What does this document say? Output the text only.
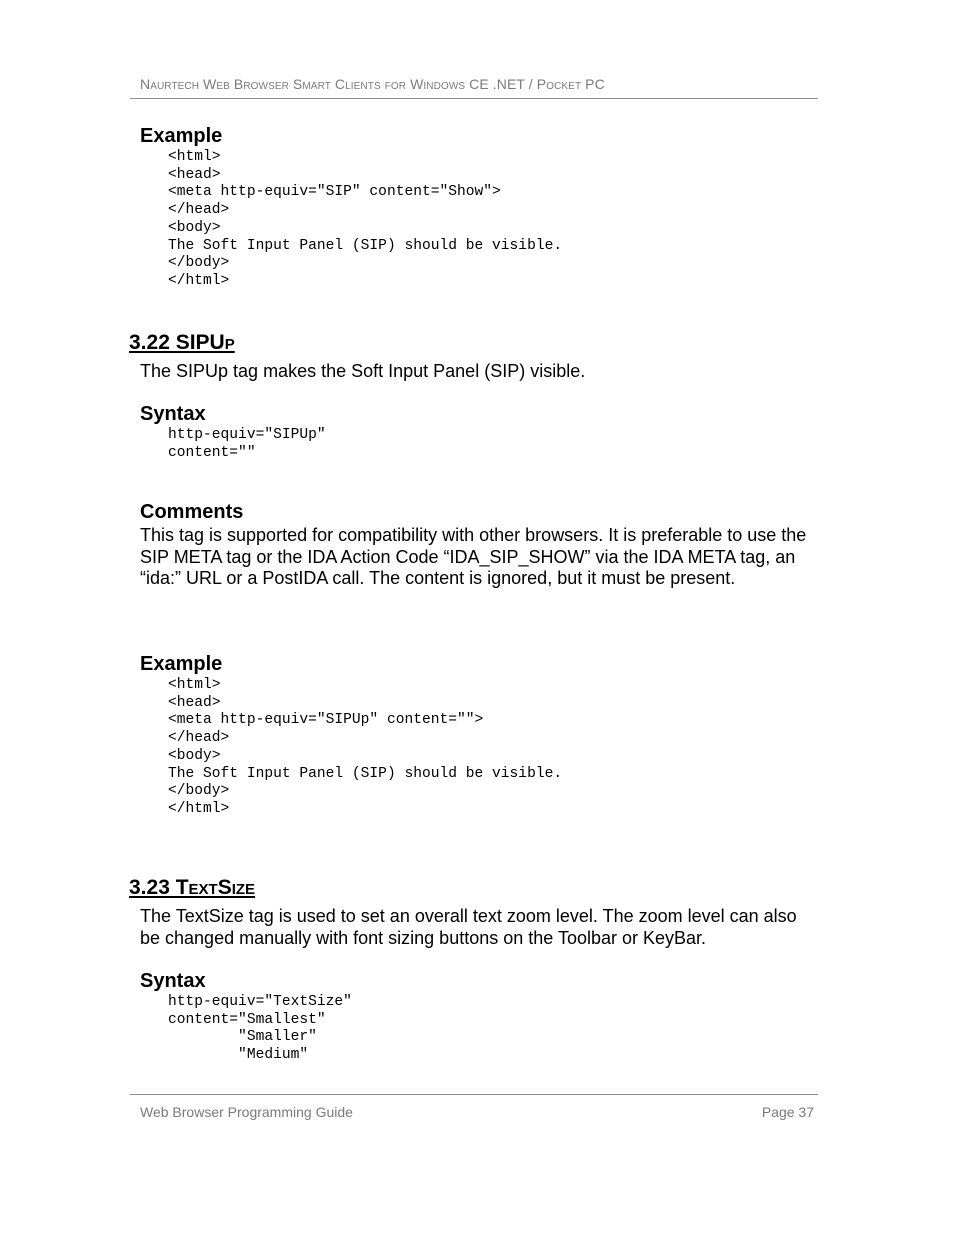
Naurtech Web Browser Smart Clients for Windows CE .NET / Pocket PC
Example
<html>
<head>
<meta http-equiv="SIP" content="Show">
</head>
<body>
The Soft Input Panel (SIP) should be visible.
</body>
</html>
3.22 SIPUp

The SIPUp tag makes the Soft Input Panel (SIP) visible.

Syntax
http-equiv="SIPUp"
content=""
Comments

This tag is supported for compatibility with other browsers. It is preferable to use the SIP META tag or the IDA Action Code “IDA_SIP_SHOW” via the IDA META tag, an “ida:” URL or a PostIDA call. The content is ignored, but it must be present.

Example
<html>
<head>
<meta http-equiv="SIPUp" content="">
</head>
<body>
The Soft Input Panel (SIP) should be visible.
</body>
</html>
3.23 TextSize

The TextSize tag is used to set an overall text zoom level. The zoom level can also be changed manually with font sizing buttons on the Toolbar or KeyBar.

Syntax
http-equiv="TextSize"
content="Smallest"
"Smaller"
"Medium"
Web Browser Programming Guide	Page 37
